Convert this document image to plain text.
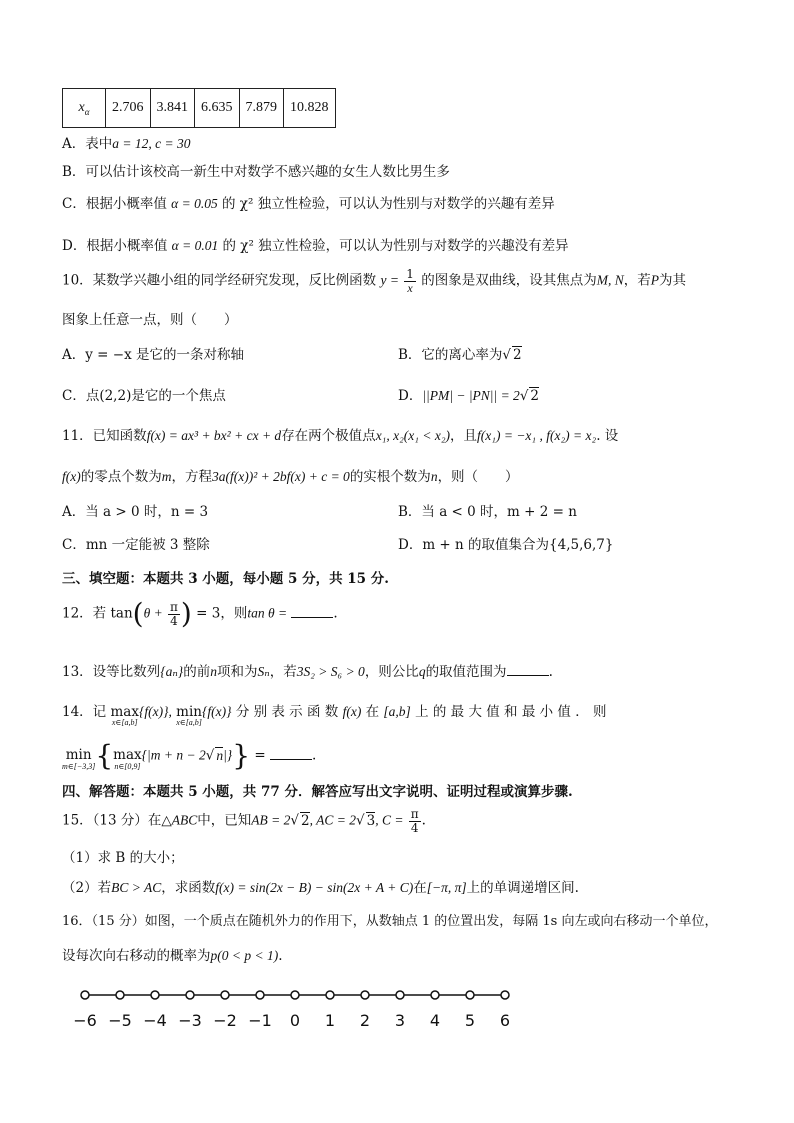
$x_\alpha$	2.706	3.841	6.635	7.879	10.828
A．表中a = 12, c = 30
B．可以估计该校高一新生中对数学不感兴趣的女生人数比男生多
C．根据小概率值 α = 0.05 的 χ² 独立性检验，可以认为性别与对数学的兴趣有差异
D．根据小概率值 α = 0.01 的 χ² 独立性检验，可以认为性别与对数学的兴趣没有差异
10．某数学兴趣小组的同学经研究发现，反比例函数 $y = \frac{1}{x}$ 的图象是双曲线，设其焦点为M, N，若P为其
图象上任意一点，则（　　）
A．y = −x 是它的一条对称轴	B．它的离心率为√ 2
C．点(2,2)是它的一个焦点	D．||PM| − |PN|| = 2√ 2
11．已知函数f(x) = ax³ + bx² + cx + d存在两个极值点x₁, x₂(x₁ < x₂)，且f(x₁) = −x₁ , f(x₂) = x₂. 设
f(x)的零点个数为m，方程3a(f(x))² + 2bf(x) + c = 0的实根个数为n，则（　　）
A．当 a > 0 时，n = 3	B．当 a < 0 时，m + 2 = n
C．mn 一定能被 3 整除	D．m + n 的取值集合为{4,5,6,7}
三、填空题：本题共 3 小题，每小题 5 分，共 15 分.
12．若 $\tan(\theta + \frac{\pi}{4}$ ) = 3，则tan θ =	.
13．设等比数列{aₙ}的前n项和为Sₙ，若3S₂ > S₆ > 0，则公比q的取值范围为	.
14．记 max
x∈[a,b]
{f(x)}, min
x∈[a,b]
{f(x)} 分 别 表 示 函 数 f(x) 在 [a,b] 上 的 最 大 值 和 最 小 值 ． 则
min
m∈[−3,3] {max
n∈[0,9]
{|m + n − 2√ n|}} =	.
四、解答题：本题共 5 小题，共 77 分．解答应写出文字说明、证明过程或演算步骤.
15．（13 分）在△ABC中，已知AB = 2√ 2, AC = 2√ 3, $C = \frac{\pi}{4}$ .
（1）求 B 的大小；
（2）若BC > AC，求函数f(x) = sin(2x − B) − sin(2x + A + C)在[−π, π]上的单调递增区间.
16．（15 分）如图，一个质点在随机外力的作用下，从数轴点 1 的位置出发，每隔 1s 向左或向右移动一个单位，
设每次向右移动的概率为p(0 < p < 1).
−6 −5 −4 −3 −2 −1 0 1 2 3 4 5 6
